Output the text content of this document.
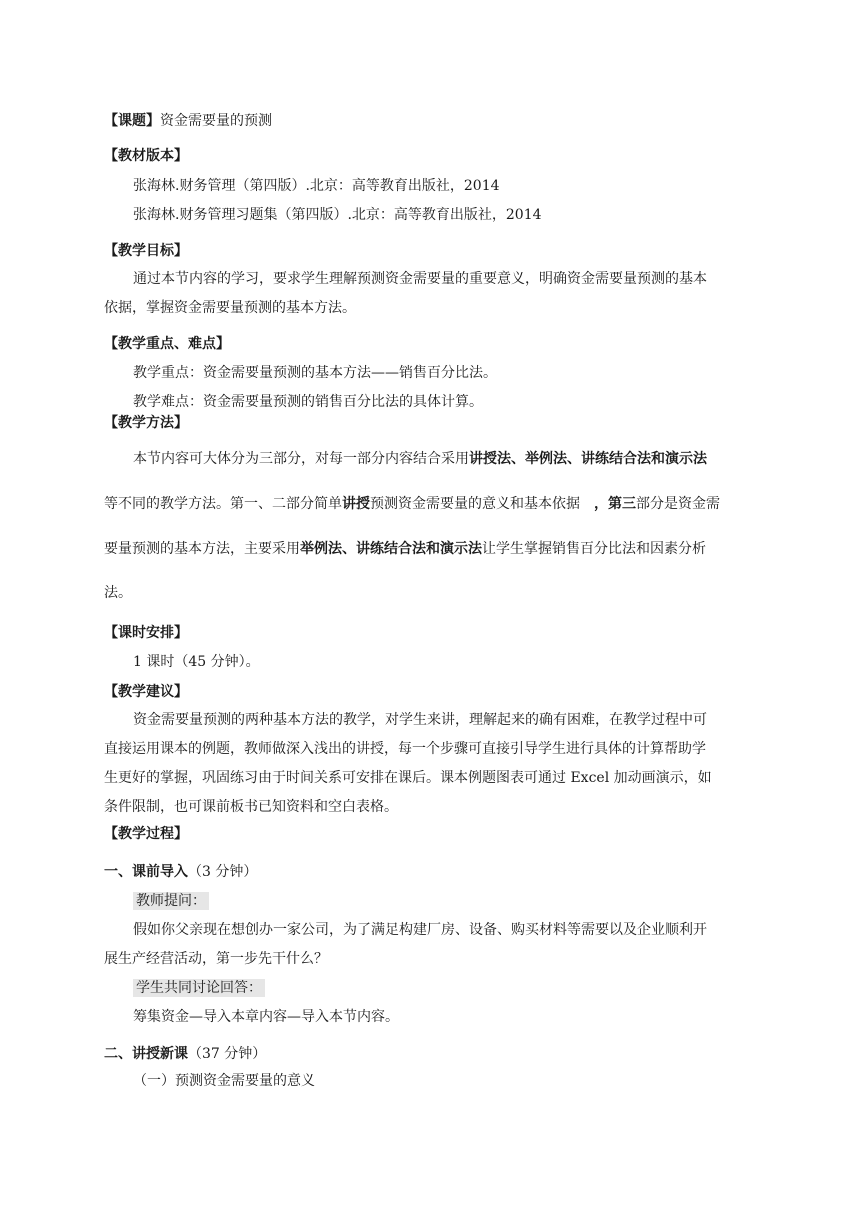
【课题】资金需要量的预测
【教材版本】
张海林.财务管理（第四版）.北京：高等教育出版社，2014
张海林.财务管理习题集（第四版）.北京：高等教育出版社，2014
【教学目标】
通过本节内容的学习，要求学生理解预测资金需要量的重要意义，明确资金需要量预测的基本
依据，掌握资金需要量预测的基本方法。
【教学重点、难点】
教学重点：资金需要量预测的基本方法——销售百分比法。
教学难点：资金需要量预测的销售百分比法的具体计算。
【教学方法】
本节内容可大体分为三部分，对每一部分内容结合采用讲授法、举例法、讲练结合法和演示法
等不同的教学方法。第一、二部分简单讲授预测资金需要量的意义和基本依据 ，第三部分是资金需
要量预测的基本方法，主要采用举例法、讲练结合法和演示法让学生掌握销售百分比法和因素分析
法。
【课时安排】
1 课时（45 分钟）。
【教学建议】
资金需要量预测的两种基本方法的教学，对学生来讲，理解起来的确有困难，在教学过程中可
直接运用课本的例题，教师做深入浅出的讲授，每一个步骤可直接引导学生进行具体的计算帮助学
生更好的掌握，巩固练习由于时间关系可安排在课后。课本例题图表可通过 Excel 加动画演示，如
条件限制，也可课前板书已知资料和空白表格。
【教学过程】
一、课前导入（3 分钟）
教师提问：
假如你父亲现在想创办一家公司，为了满足构建厂房、设备、购买材料等需要以及企业顺利开
展生产经营活动，第一步先干什么？
学生共同讨论回答：
筹集资金—导入本章内容—导入本节内容。
二、讲授新课（37 分钟）
（一）预测资金需要量的意义
